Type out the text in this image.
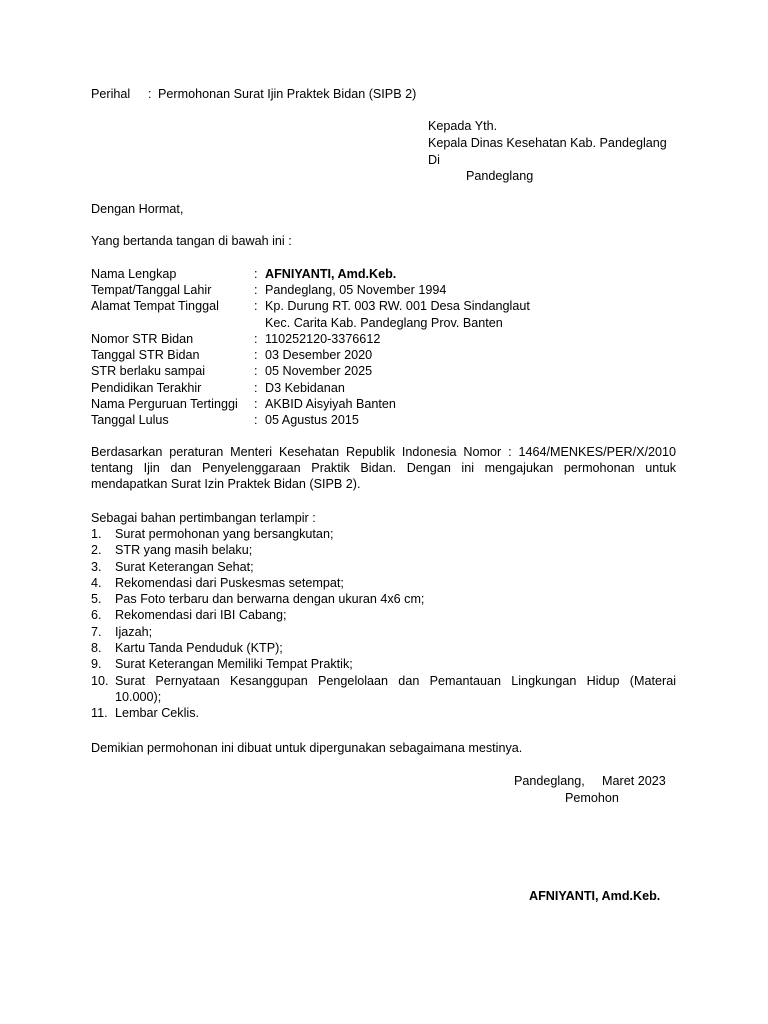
Perihal : Permohonan Surat Ijin Praktek Bidan (SIPB 2)
Kepada Yth.
Kepala Dinas Kesehatan Kab. Pandeglang
Di
Pandeglang
Dengan Hormat,
Yang bertanda tangan di bawah ini :
Nama Lengkap	: AFNIYANTI, Amd.Keb.
Tempat/Tanggal Lahir	: Pandeglang, 05 November 1994
Alamat Tempat Tinggal	: Kp. Durung RT. 003 RW. 001 Desa Sindanglaut
Kec. Carita Kab. Pandeglang Prov. Banten
Nomor STR Bidan	: 110252120-3376612
Tanggal STR Bidan	: 03 Desember 2020
STR berlaku sampai	: 05 November 2025
Pendidikan Terakhir	: D3 Kebidanan
Nama Perguruan Tertinggi : AKBID Aisyiyah Banten
Tanggal Lulus	: 05 Agustus 2015
Berdasarkan peraturan Menteri Kesehatan Republik Indonesia Nomor : 1464/MENKES/PER/X/2010
tentang Ijin dan Penyelenggaraan Praktik Bidan. Dengan ini mengajukan permohonan untuk
mendapatkan Surat Izin Praktek Bidan (SIPB 2).
Sebagai bahan pertimbangan terlampir :
1. Surat permohonan yang bersangkutan;
2. STR yang masih belaku;
3. Surat Keterangan Sehat;
4. Rekomendasi dari Puskesmas setempat;
5. Pas Foto terbaru dan berwarna dengan ukuran 4x6 cm;
6. Rekomendasi dari IBI Cabang;
7. Ijazah;
8. Kartu Tanda Penduduk (KTP);
9. Surat Keterangan Memiliki Tempat Praktik;
10. Surat Pernyataan Kesanggupan Pengelolaan dan Pemantauan Lingkungan Hidup (Materai
10.000);
11. Lembar Ceklis.
Demikian permohonan ini dibuat untuk dipergunakan sebagaimana mestinya.
Pandeglang, Maret 2023
Pemohon
AFNIYANTI, Amd.Keb.
